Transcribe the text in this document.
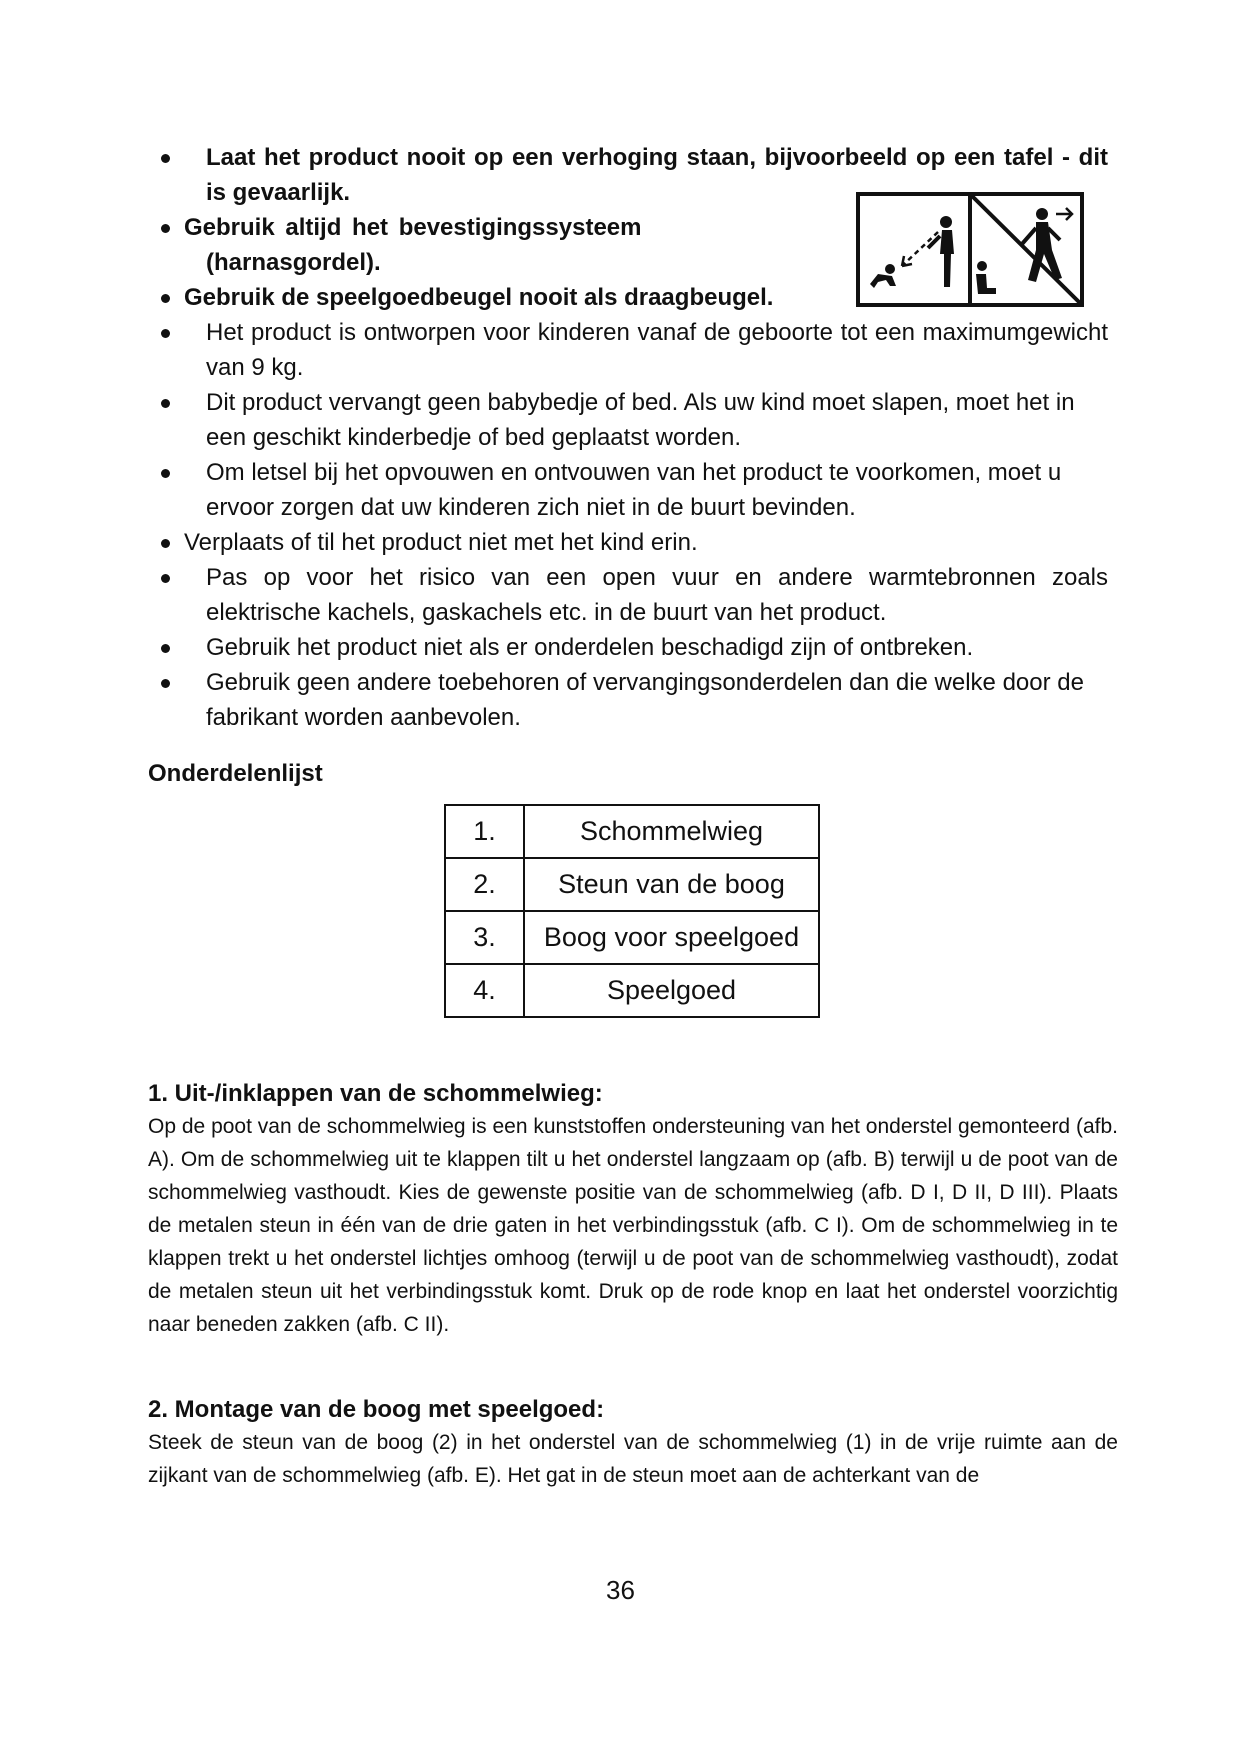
Laat het product nooit op een verhoging staan, bijvoorbeeld op een tafel - dit is gevaarlijk.
Gebruik altijd het bevestigingssysteem
(harnasgordel).
Gebruik de speelgoedbeugel nooit als draagbeugel.
Het product is ontworpen voor kinderen vanaf de geboorte tot een maximumgewicht van 9 kg.
Dit product vervangt geen babybedje of bed. Als uw kind moet slapen, moet het in een geschikt kinderbedje of bed geplaatst worden.
Om letsel bij het opvouwen en ontvouwen van het product te voorkomen, moet u ervoor zorgen dat uw kinderen zich niet in de buurt bevinden.
Verplaats of til het product niet met het kind erin.
Pas op voor het risico van een open vuur en andere warmtebronnen zoals elektrische kachels, gaskachels etc. in de buurt van het product.
Gebruik het product niet als er onderdelen beschadigd zijn of ontbreken.
Gebruik geen andere toebehoren of vervangingsonderdelen dan die welke door de fabrikant worden aanbevolen.
Onderdelenlijst
1.	Schommelwieg
2.	Steun van de boog
3.	Boog voor speelgoed
4.	Speelgoed
1. Uit-/inklappen van de schommelwieg:

Op de poot van de schommelwieg is een kunststoffen ondersteuning van het onderstel gemonteerd (afb. A). Om de schommelwieg uit te klappen tilt u het onderstel langzaam op (afb. B) terwijl u de poot van de schommelwieg vasthoudt. Kies de gewenste positie van de schommelwieg (afb. D I, D II, D III). Plaats de metalen steun in één van de drie gaten in het verbindingsstuk (afb. C I). Om de schommelwieg in te klappen trekt u het onderstel lichtjes omhoog (terwijl u de poot van de schommelwieg vasthoudt), zodat de metalen steun uit het verbindingsstuk komt. Druk op de rode knop en laat het onderstel voorzichtig naar beneden zakken (afb. C II).

2. Montage van de boog met speelgoed:

Steek de steun van de boog (2) in het onderstel van de schommelwieg (1) in de vrije ruimte aan de zijkant van de schommelwieg (afb. E). Het gat in de steun moet aan de achterkant van de

36
